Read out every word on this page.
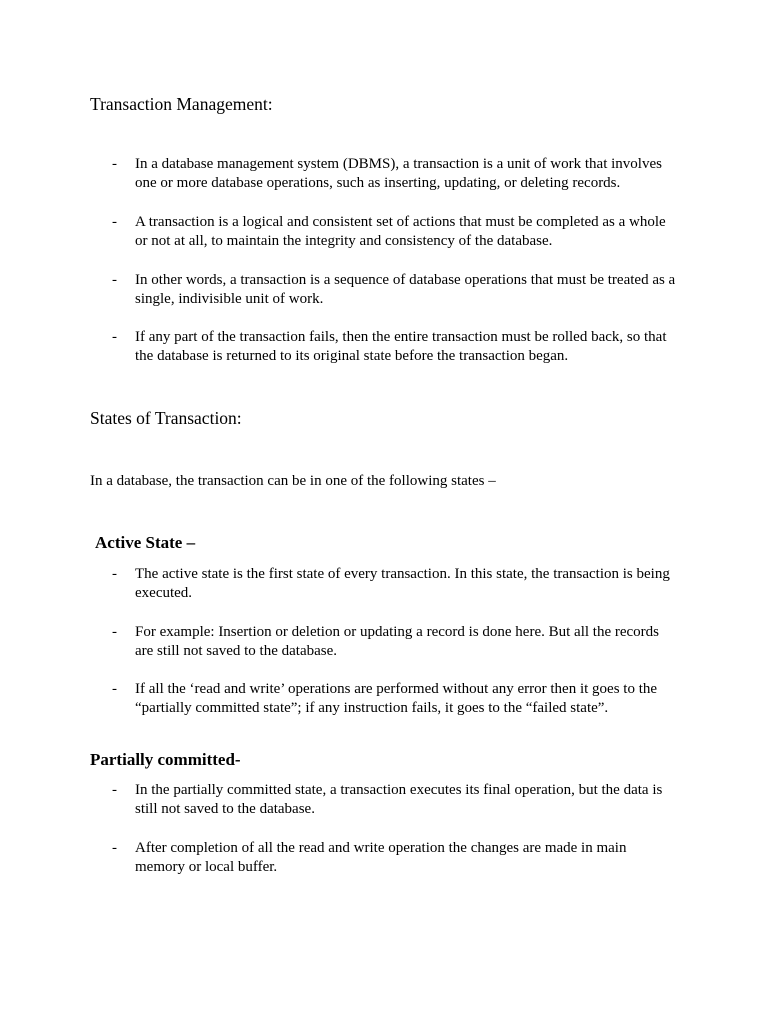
Transaction Management:
- In a database management system (DBMS), a transaction is a unit of work that involves one or more database operations, such as inserting, updating, or deleting records.

- A transaction is a logical and consistent set of actions that must be completed as a whole or not at all, to maintain the integrity and consistency of the database.

- In other words, a transaction is a sequence of database operations that must be treated as a single, indivisible unit of work.

- If any part of the transaction fails, then the entire transaction must be rolled back, so that the database is returned to its original state before the transaction began.

States of Transaction:

In a database, the transaction can be in one of the following states –

Active State –
- The active state is the first state of every transaction. In this state, the transaction is being executed.

- For example: Insertion or deletion or updating a record is done here. But all the records are still not saved to the database.

- If all the ‘read and write’ operations are performed without any error then it goes to the “partially committed state”; if any instruction fails, it goes to the “failed state”.

Partially committed-
- In the partially committed state, a transaction executes its final operation, but the data is still not saved to the database.

- After completion of all the read and write operation the changes are made in main memory or local buffer.
